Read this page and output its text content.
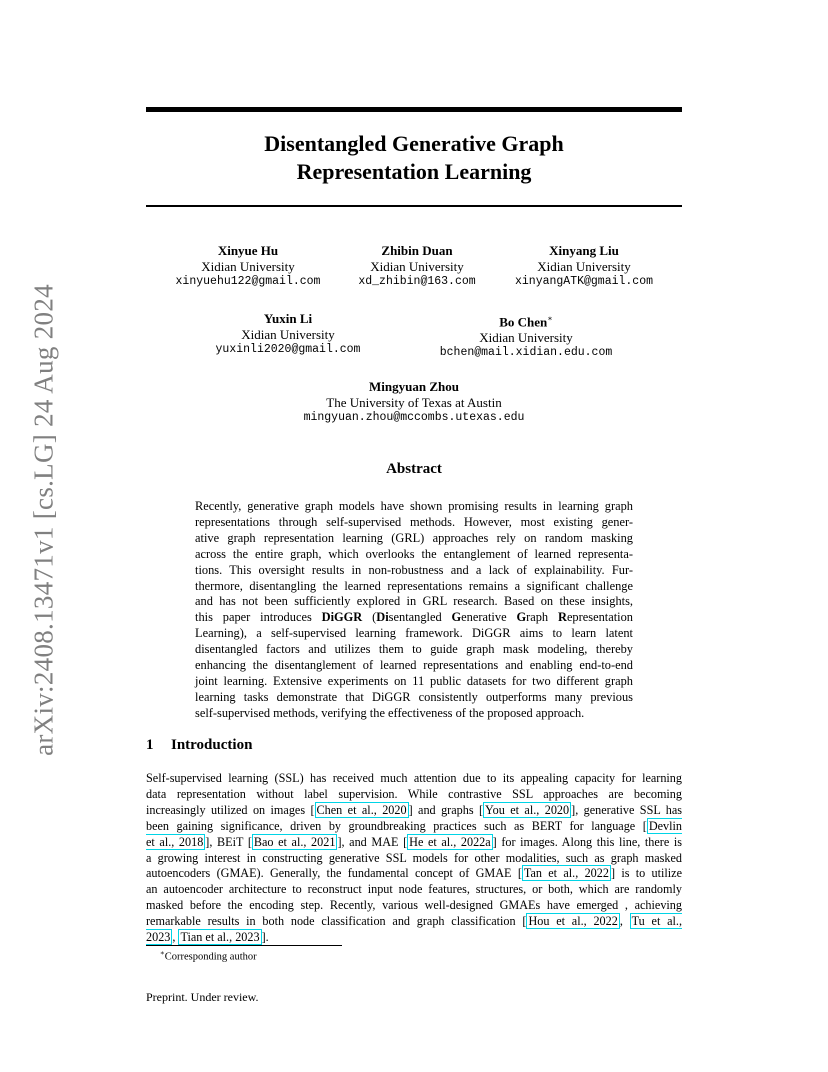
arXiv:2408.13471v1 [cs.LG] 24 Aug 2024
Disentangled Generative Graph
Representation Learning
Xinyue Hu
Xidian University
xinyuehu122@gmail.com
Zhibin Duan
Xidian University
xd_zhibin@163.com
Xinyang Liu
Xidian University
xinyangATK@gmail.com
Yuxin Li
Xidian University
yuxinli2020@gmail.com
Bo Chen∗
Xidian University
bchen@mail.xidian.edu.com
Mingyuan Zhou
The University of Texas at Austin
mingyuan.zhou@mccombs.utexas.edu
Abstract
Recently, generative graph models have shown promising results in learning graph
representations through self-supervised methods. However, most existing gener-
ative graph representation learning (GRL) approaches rely on random masking
across the entire graph, which overlooks the entanglement of learned representa-
tions. This oversight results in non-robustness and a lack of explainability. Fur-
thermore, disentangling the learned representations remains a significant challenge
and has not been sufficiently explored in GRL research. Based on these insights,
this paper introduces DiGGR (Disentangled Generative Graph Representation
Learning), a self-supervised learning framework. DiGGR aims to learn latent
disentangled factors and utilizes them to guide graph mask modeling, thereby
enhancing the disentanglement of learned representations and enabling end-to-end
joint learning. Extensive experiments on 11 public datasets for two different graph
learning tasks demonstrate that DiGGR consistently outperforms many previous
self-supervised methods, verifying the effectiveness of the proposed approach.
1 Introduction
Self-supervised learning (SSL) has received much attention due to its appealing capacity for learning
data representation without label supervision. While contrastive SSL approaches are becoming
increasingly utilized on images [ Chen et al., 2020 ] and graphs [ You et al., 2020 ], generative SSL has
been gaining significance, driven by groundbreaking practices such as BERT for language [ Devlin
et al., 2018 ], BEiT [ Bao et al., 2021 ], and MAE [ He et al., 2022a ] for images. Along this line, there is
a growing interest in constructing generative SSL models for other modalities, such as graph masked
autoencoders (GMAE). Generally, the fundamental concept of GMAE [ Tan et al., 2022 ] is to utilize
an autoencoder architecture to reconstruct input node features, structures, or both, which are randomly
masked before the encoding step. Recently, various well-designed GMAEs have emerged , achieving
remarkable results in both node classification and graph classification [ Hou et al., 2022 , Tu et al.,
2023 , Tian et al., 2023 ].
∗Corresponding author
Preprint. Under review.
